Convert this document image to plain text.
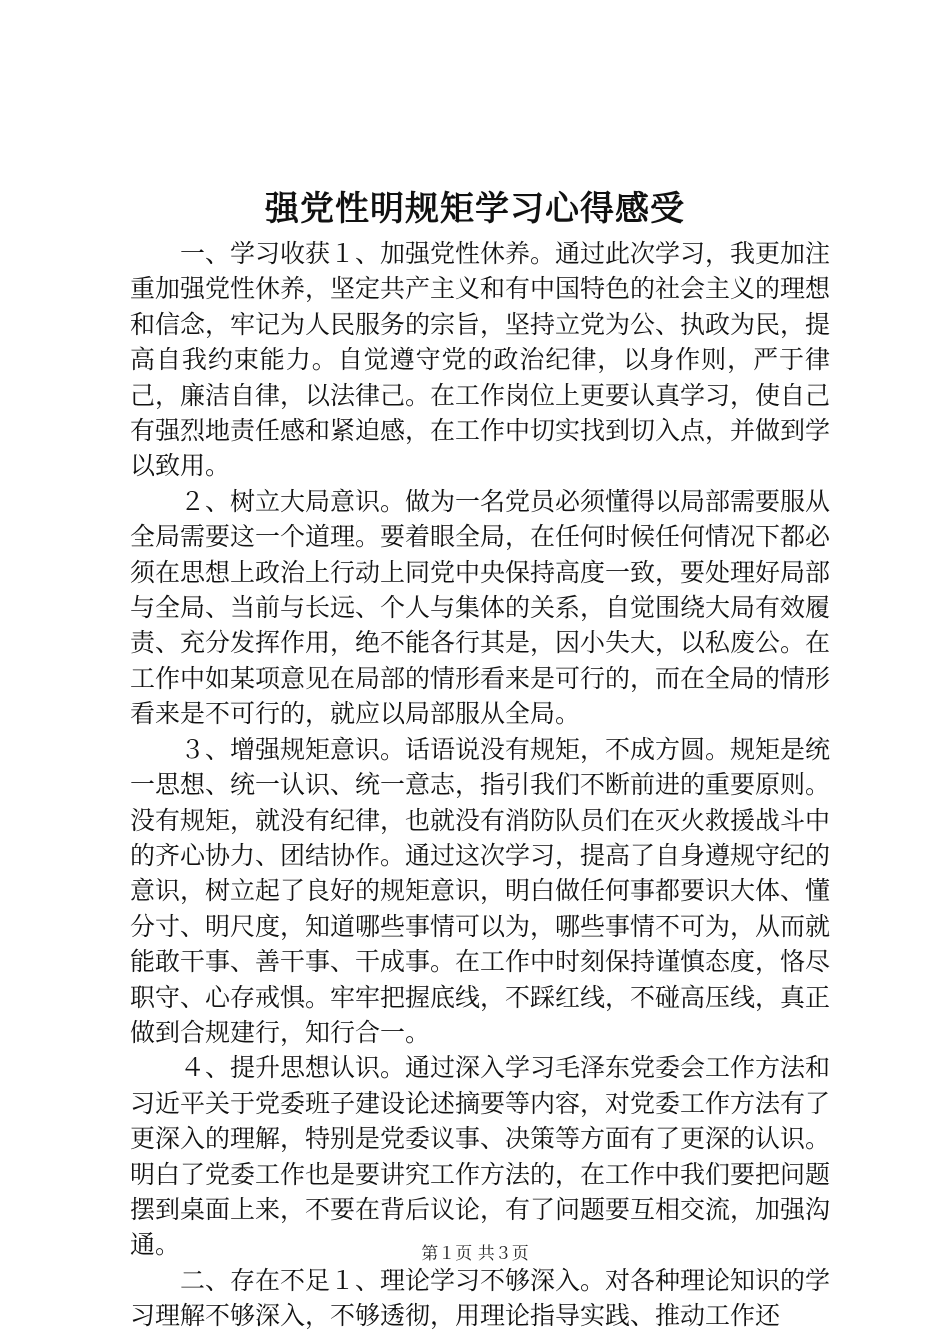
强党性明规矩学习心得感受

一、学习收获１、加强党性休养。通过此次学习，我更加注重加强党性休养，坚定共产主义和有中国特色的社会主义的理想和信念，牢记为人民服务的宗旨，坚持立党为公、执政为民，提高自我约束能力。自觉遵守党的政治纪律，以身作则，严于律己，廉洁自律，以法律己。在工作岗位上更要认真学习，使自己有强烈地责任感和紧迫感，在工作中切实找到切入点，并做到学以致用。

２、树立大局意识。做为一名党员必须懂得以局部需要服从全局需要这一个道理。要着眼全局，在任何时候任何情况下都必须在思想上政治上行动上同党中央保持高度一致，要处理好局部与全局、当前与长远、个人与集体的关系，自觉围绕大局有效履责、充分发挥作用，绝不能各行其是，因小失大，以私废公。在工作中如某项意见在局部的情形看来是可行的，而在全局的情形看来是不可行的，就应以局部服从全局。

３、增强规矩意识。话语说没有规矩，不成方圆。规矩是统一思想、统一认识、统一意志，指引我们不断前进的重要原则。没有规矩，就没有纪律，也就没有消防队员们在灭火救援战斗中的齐心协力、团结协作。通过这次学习，提高了自身遵规守纪的意识，树立起了良好的规矩意识，明白做任何事都要识大体、懂分寸、明尺度，知道哪些事情可以为，哪些事情不可为，从而就能敢干事、善干事、干成事。在工作中时刻保持谨慎态度，恪尽职守、心存戒惧。牢牢把握底线，不踩红线，不碰高压线，真正做到合规建行，知行合一。

４、提升思想认识。通过深入学习毛泽东党委会工作方法和习近平关于党委班子建设论述摘要等内容，对党委工作方法有了更深入的理解，特别是党委议事、决策等方面有了更深的认识。明白了党委工作也是要讲究工作方法的，在工作中我们要把问题摆到桌面上来，不要在背后议论，有了问题要互相交流，加强沟通。

二、存在不足１、理论学习不够深入。对各种理论知识的学习理解不够深入，不够透彻，用理论指导实践、推动工作还

第１页 共３页
